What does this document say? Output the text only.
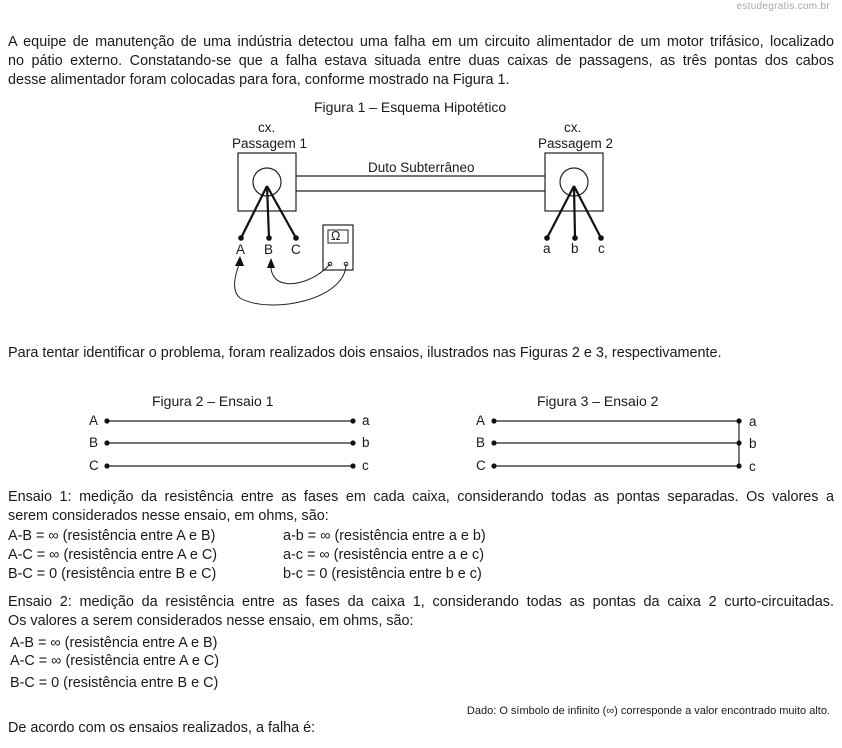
estudegratis.com.br
A equipe de manutenção de uma indústria detectou uma falha em um circuito alimentador de um motor trifásico, localizado
no pátio externo. Constatando-se que a falha estava situada entre duas caixas de passagens, as três pontas dos cabos
desse alimentador foram colocadas para fora, conforme mostrado na Figura 1.
Figura 1 – Esquema Hipotético
cx.
Passagem 1
cx.
Passagem 2
Duto Subterrâneo
Ω
A B C	a b c
Para tentar identificar o problema, foram realizados dois ensaios, ilustrados nas Figuras 2 e 3, respectivamente.
Figura 2 – Ensaio 1
A
B
C
a
b
c
Figura 3 – Ensaio 2
A
B
C
a
b
c
Ensaio 1: medição da resistência entre as fases em cada caixa, considerando todas as pontas separadas. Os valores a
serem considerados nesse ensaio, em ohms, são:
A-B = ∞ (resistência entre A e B)
A-C = ∞ (resistência entre A e C)
B-C = 0 (resistência entre B e C)
a-b = ∞ (resistência entre a e b)
a-c = ∞ (resistência entre a e c)
b-c = 0 (resistência entre b e c)
Ensaio 2: medição da resistência entre as fases da caixa 1, considerando todas as pontas da caixa 2 curto-circuitadas.
Os valores a serem considerados nesse ensaio, em ohms, são:
A-B = ∞ (resistência entre A e B)
A-C = ∞ (resistência entre A e C)
B-C = 0 (resistência entre B e C)
Dado: O símbolo de infinito (∞) corresponde a valor encontrado muito alto.
De acordo com os ensaios realizados, a falha é:
